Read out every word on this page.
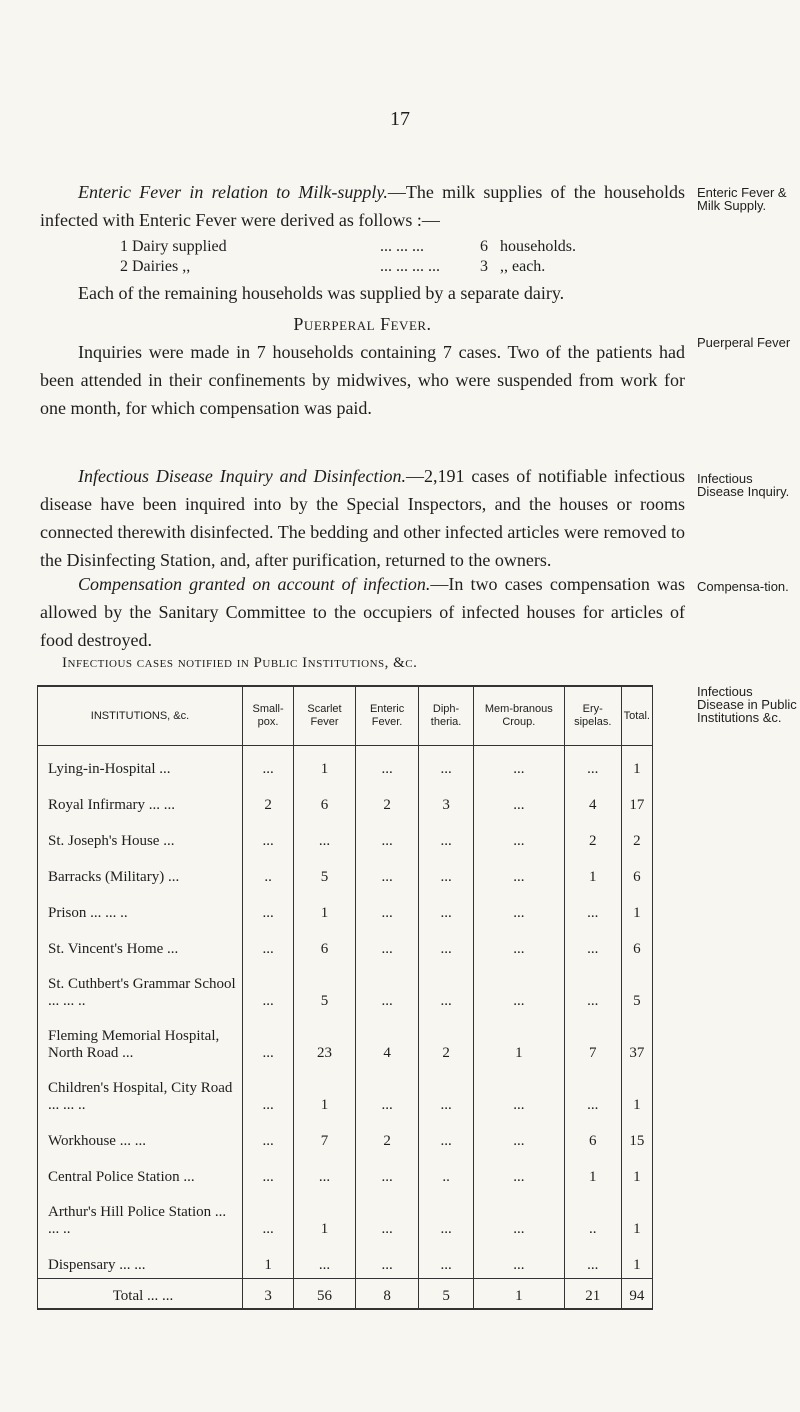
17

Enteric Fever in relation to Milk-supply.—The milk supplies of the households infected with Enteric Fever were derived as follows :—

1 Dairy supplied	... ... ...	6 households.
2 Dairies ,,	... ... ... ...	3 ,, each.

Each of the remaining households was supplied by a separate dairy.

Puerperal Fever.

Inquiries were made in 7 households containing 7 cases. Two of the patients had been attended in their confinements by midwives, who were suspended from work for one month, for which compensation was paid.

Infectious Disease Inquiry and Disinfection.—2,191 cases of notifiable infectious disease have been inquired into by the Special Inspectors, and the houses or rooms connected therewith disinfected. The bedding and other infected articles were removed to the Disinfecting Station, and, after purification, returned to the owners.

Compensation granted on account of infection.—In two cases compensation was allowed by the Sanitary Committee to the occupiers of infected houses for articles of food destroyed.

Enteric Fever & Milk Supply.
Puerperal Fever
Infectious Disease Inquiry.
Compensa-tion.
Infectious Disease in Public Institutions &c.
Infectious cases notified in Public Institutions, &c.
INSTITUTIONS, &c.	Small-pox.	Scarlet Fever	Enteric Fever.	Diph-theria.	Mem-branous Croup.	Ery-sipelas.	Total.
Lying-in-Hospital ...	...	1	...	...	...	...	1
Royal Infirmary ... ...	2	6	2	3	...	4	17
St. Joseph's House ...	...	...	...	...	...	2	2
Barracks (Military) ...	..	5	...	...	...	1	6
Prison ... ... ..	...	1	...	...	...	...	1
St. Vincent's Home ...	...	6	...	...	...	...	6
St. Cuthbert's Grammar School ... ... ..	...	5	...	...	...	...	5
Fleming Memorial Hospital, North Road ...	...	23	4	2	1	7	37
Children's Hospital, City Road ... ... ..	...	1	...	...	...	...	1
Workhouse ... ...	...	7	2	...	...	6	15
Central Police Station ...	...	...	...	..	...	1	1
Arthur's Hill Police Station ... ... ..	...	1	...	...	...	..	1
Dispensary ... ...	1	...	...	...	...	...	1
Total ... ...	3	56	8	5	1	21	94
